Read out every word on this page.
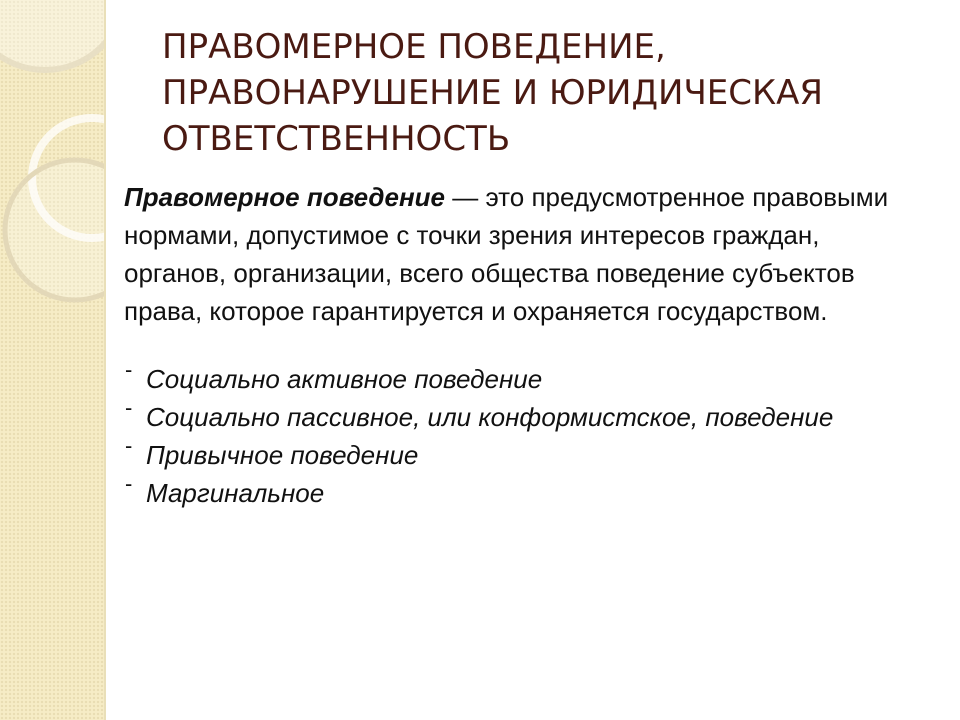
ПРАВОМЕРНОЕ ПОВЕДЕНИЕ, ПРАВОНАРУШЕНИЕ И ЮРИДИЧЕСКАЯ ОТВЕТСТВЕННОСТЬ

Правомерное поведение — это предусмотренное правовыми нормами, допустимое с точки зрения интересов граждан, органов, организации, всего общества поведение субъектов права, которое гарантируется и охраняется государством.

- Социально активное поведение
- Социально пассивное, или конформистское, поведение
- Привычное поведение
- Маргинальное
